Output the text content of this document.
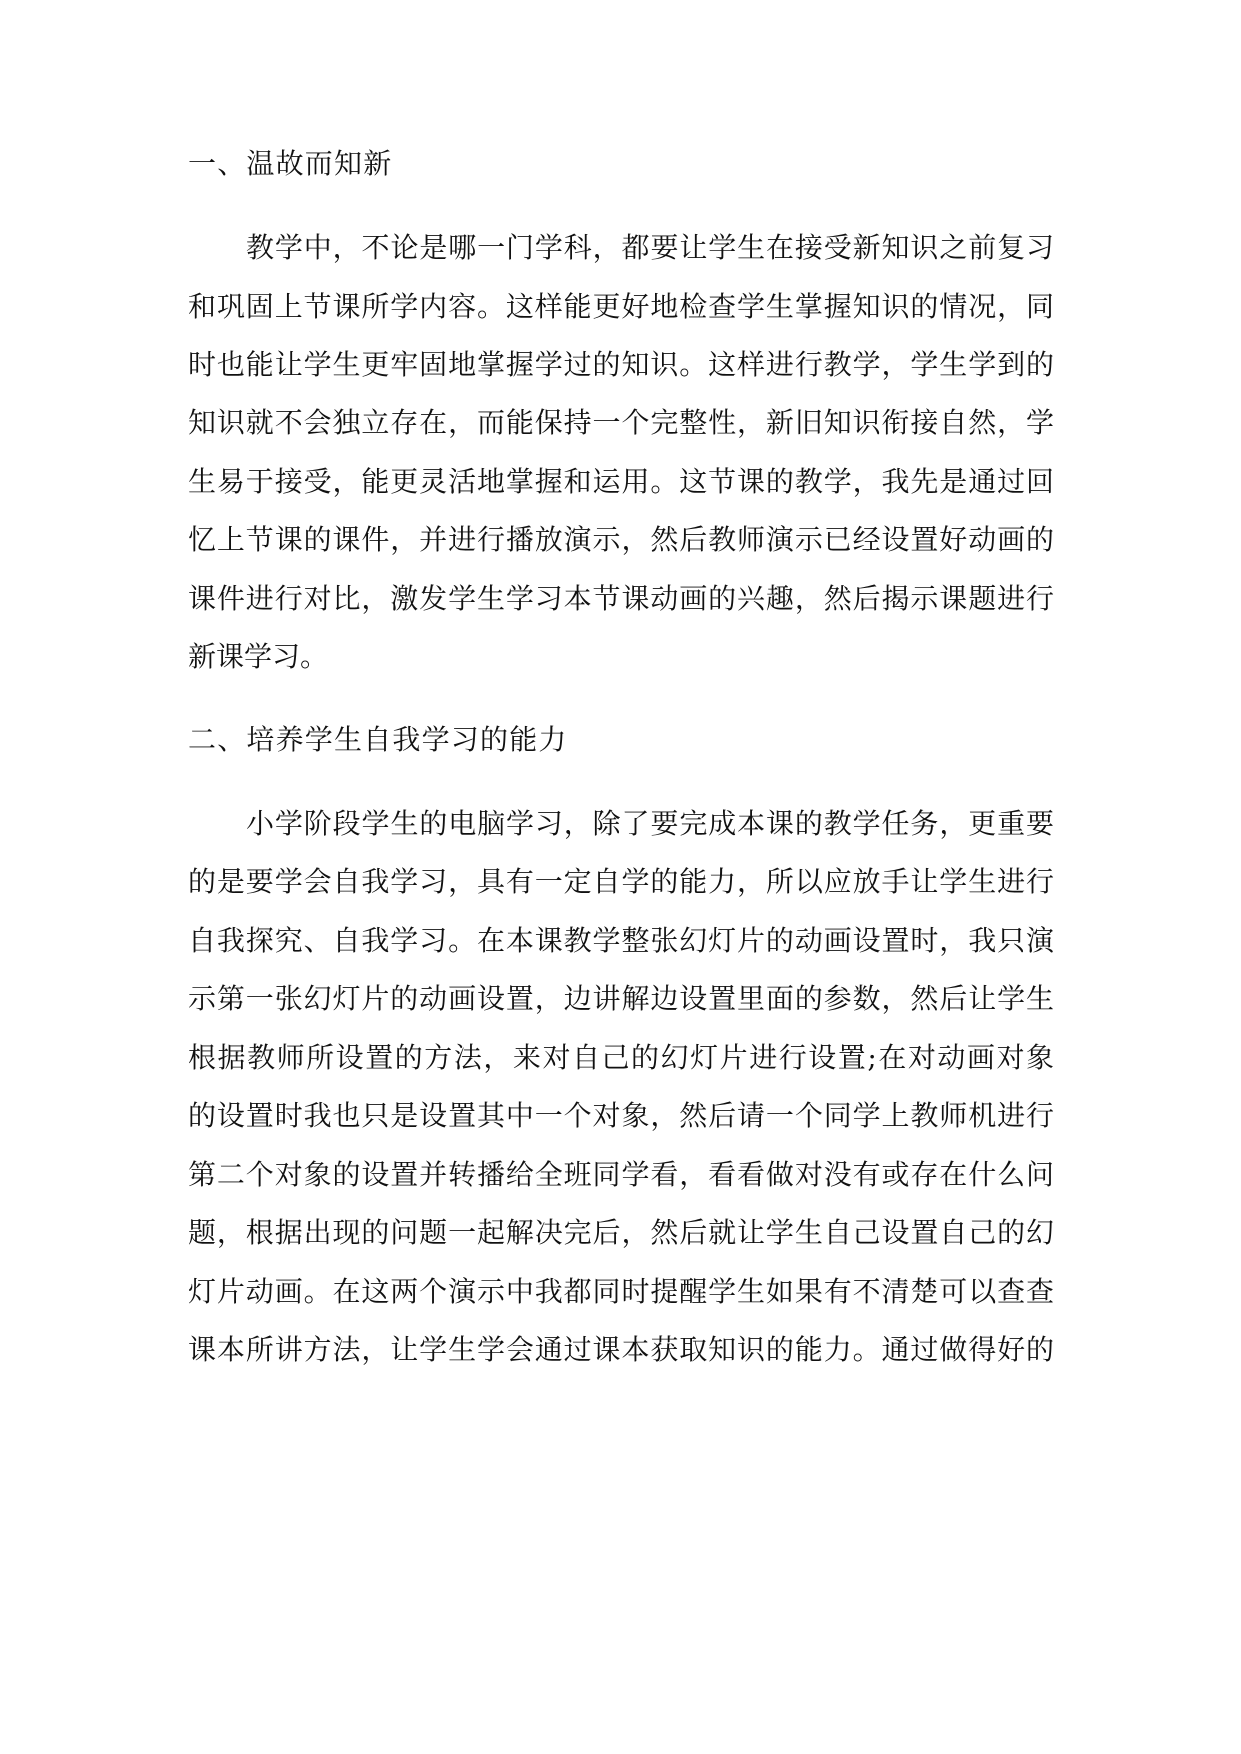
一、温故而知新
教学中，不论是哪一门学科，都要让学生在接受新知识之前复习
和巩固上节课所学内容。这样能更好地检查学生掌握知识的情况，同
时也能让学生更牢固地掌握学过的知识。这样进行教学，学生学到的
知识就不会独立存在，而能保持一个完整性，新旧知识衔接自然，学
生易于接受，能更灵活地掌握和运用。这节课的教学，我先是通过回
忆上节课的课件，并进行播放演示，然后教师演示已经设置好动画的
课件进行对比，激发学生学习本节课动画的兴趣，然后揭示课题进行
新课学习。
二、培养学生自我学习的能力
小学阶段学生的电脑学习，除了要完成本课的教学任务，更重要
的是要学会自我学习，具有一定自学的能力，所以应放手让学生进行
自我探究、自我学习。在本课教学整张幻灯片的动画设置时，我只演
示第一张幻灯片的动画设置，边讲解边设置里面的参数，然后让学生
根据教师所设置的方法，来对自己的幻灯片进行设置;在对动画对象
的设置时我也只是设置其中一个对象，然后请一个同学上教师机进行
第二个对象的设置并转播给全班同学看，看看做对没有或存在什么问
题，根据出现的问题一起解决完后，然后就让学生自己设置自己的幻
灯片动画。在这两个演示中我都同时提醒学生如果有不清楚可以查查
课本所讲方法，让学生学会通过课本获取知识的能力。通过做得好的
